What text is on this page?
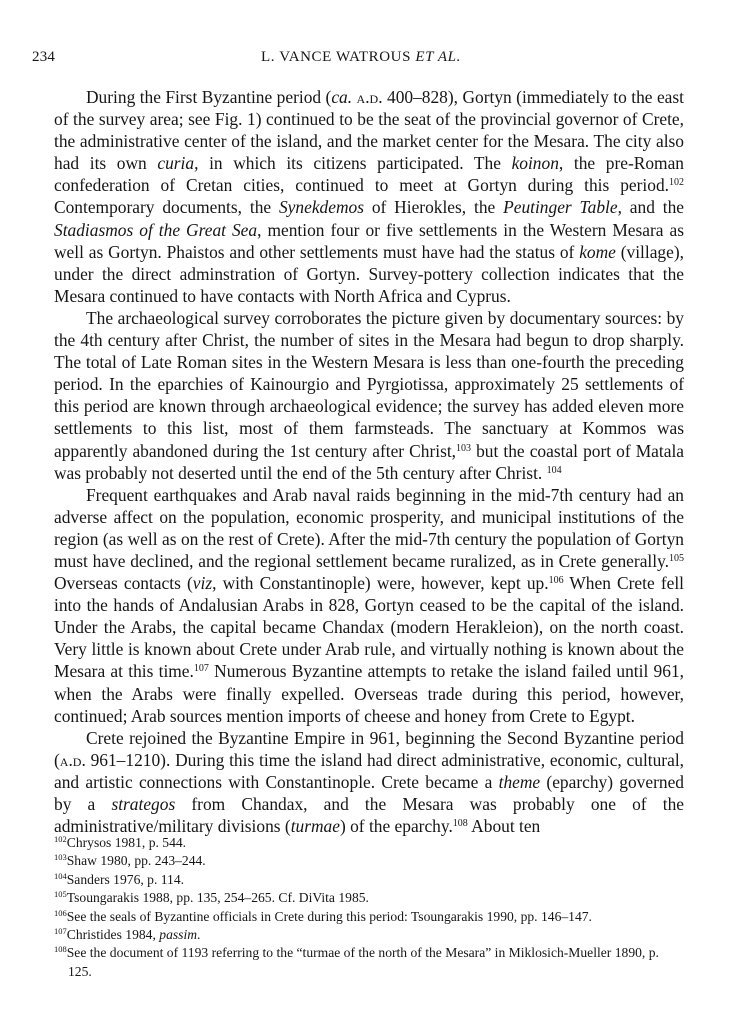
234	L. VANCE WATROUS ET AL.

During the First Byzantine period (ca. a.d. 400–828), Gortyn (immediately to the east of the survey area; see Fig. 1) continued to be the seat of the provincial governor of Crete, the administrative center of the island, and the market center for the Mesara. The city also had its own curia, in which its citizens participated. The koinon, the pre-Roman confederation of Cretan cities, continued to meet at Gortyn during this period.$^{102}$ Contemporary documents, the Synekdemos of Hierokles, the Peutinger Table, and the Stadiasmos of the Great Sea, mention four or five settlements in the Western Mesara as well as Gortyn. Phaistos and other settlements must have had the status of kome (village), under the direct adminstration of Gortyn. Survey-pottery collection indicates that the Mesara continued to have contacts with North Africa and Cyprus.

The archaeological survey corroborates the picture given by documentary sources: by the 4th century after Christ, the number of sites in the Mesara had begun to drop sharply. The total of Late Roman sites in the Western Mesara is less than one-fourth the preceding period. In the eparchies of Kainourgio and Pyrgiotissa, approximately 25 settlements of this period are known through archaeological evidence; the survey has added eleven more settlements to this list, most of them farmsteads. The sanctuary at Kommos was apparently abandoned during the 1st century after Christ,$^{103}$ but the coastal port of Matala was probably not deserted until the end of the 5th century after Christ. $^{104}$

Frequent earthquakes and Arab naval raids beginning in the mid-7th century had an adverse affect on the population, economic prosperity, and municipal institutions of the region (as well as on the rest of Crete). After the mid-7th century the population of Gortyn must have declined, and the regional settlement became ruralized, as in Crete generally.$^{105}$ Overseas contacts (viz, with Constantinople) were, however, kept up.$^{106}$ When Crete fell into the hands of Andalusian Arabs in 828, Gortyn ceased to be the capital of the island. Under the Arabs, the capital became Chandax (modern Herakleion), on the north coast. Very little is known about Crete under Arab rule, and virtually nothing is known about the Mesara at this time.$^{107}$ Numerous Byzantine attempts to retake the island failed until 961, when the Arabs were finally expelled. Overseas trade during this period, however, continued; Arab sources mention imports of cheese and honey from Crete to Egypt.

Crete rejoined the Byzantine Empire in 961, beginning the Second Byzantine period (a.d. 961–1210). During this time the island had direct administrative, economic, cultural, and artistic connections with Constantinople. Crete became a theme (eparchy) governed by a strategos from Chandax, and the Mesara was probably one of the administrative/military divisions (turmae) of the eparchy.$^{108}$ About ten

$^{102}$Chrysos 1981, p. 544.

$^{103}$Shaw 1980, pp. 243–244.

$^{104}$Sanders 1976, p. 114.

$^{105}$Tsoungarakis 1988, pp. 135, 254–265. Cf. DiVita 1985.

$^{106}$See the seals of Byzantine officials in Crete during this period: Tsoungarakis 1990, pp. 146–147.

$^{107}$Christides 1984, passim.

$^{108}$See the document of 1193 referring to the “turmae of the north of the Mesara” in Miklosich-Mueller 1890, p. 125.
